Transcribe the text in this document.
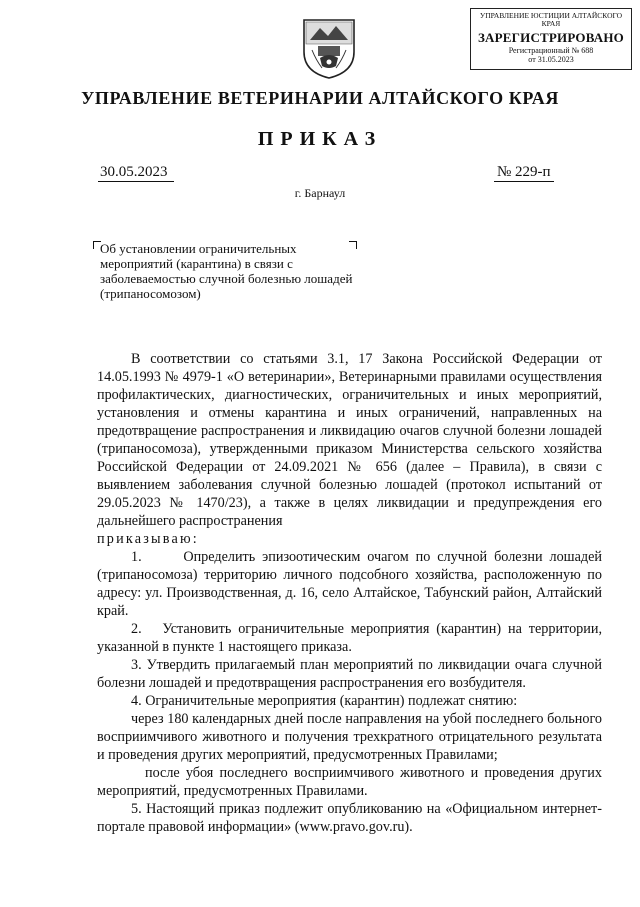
УПРАВЛЕНИЕ ЮСТИЦИИ АЛТАЙСКОГО КРАЯ
ЗАРЕГИСТРИРОВАНО
Регистрационный № 688
от 31.05.2023
УПРАВЛЕНИЕ ВЕТЕРИНАРИИ АЛТАЙСКОГО КРАЯ
ПРИКАЗ
30.05.2023	№ 229-п
г. Барнаул
Об установлении ограничительных мероприятий (карантина) в связи с заболеваемостью случной болезнью лошадей (трипаносомозом)

В соответствии со статьями 3.1, 17 Закона Российской Федерации от 14.05.1993 № 4979-1 «О ветеринарии», Ветеринарными правилами осуществления профилактических, диагностических, ограничительных и иных мероприятий, установления и отмены карантина и иных ограничений, направленных на предотвращение распространения и ликвидацию очагов случной болезни лошадей (трипаносомоза), утвержденными приказом Министерства сельского хозяйства Российской Федерации от 24.09.2021 № 656 (далее – Правила), в связи с выявлением заболевания случной болезнью лошадей (протокол испытаний от 29.05.2023 № 1470/23), а также в целях ликвидации и предупреждения его дальнейшего распространения

приказываю:

1.      Определить эпизоотическим очагом по случной болезни лошадей (трипаносомоза) территорию личного подсобного хозяйства, расположенную по адресу: ул. Производственная, д. 16, село Алтайское, Табунский район, Алтайский край.

2.   Установить ограничительные мероприятия (карантин) на территории, указанной в пункте 1 настоящего приказа.

3. Утвердить прилагаемый план мероприятий по ликвидации очага случной болезни лошадей и предотвращения распространения его возбудителя.

4. Ограничительные мероприятия (карантин) подлежат снятию:

через 180 календарных дней после направления на убой последнего больного восприимчивого животного и получения трехкратного отрицательного результата и проведения других мероприятий, предусмотренных Правилами;

после убоя последнего восприимчивого животного и проведения других мероприятий, предусмотренных Правилами.

5. Настоящий приказ подлежит опубликованию на «Официальном интернет-портале правовой информации» (www.pravo.gov.ru).
